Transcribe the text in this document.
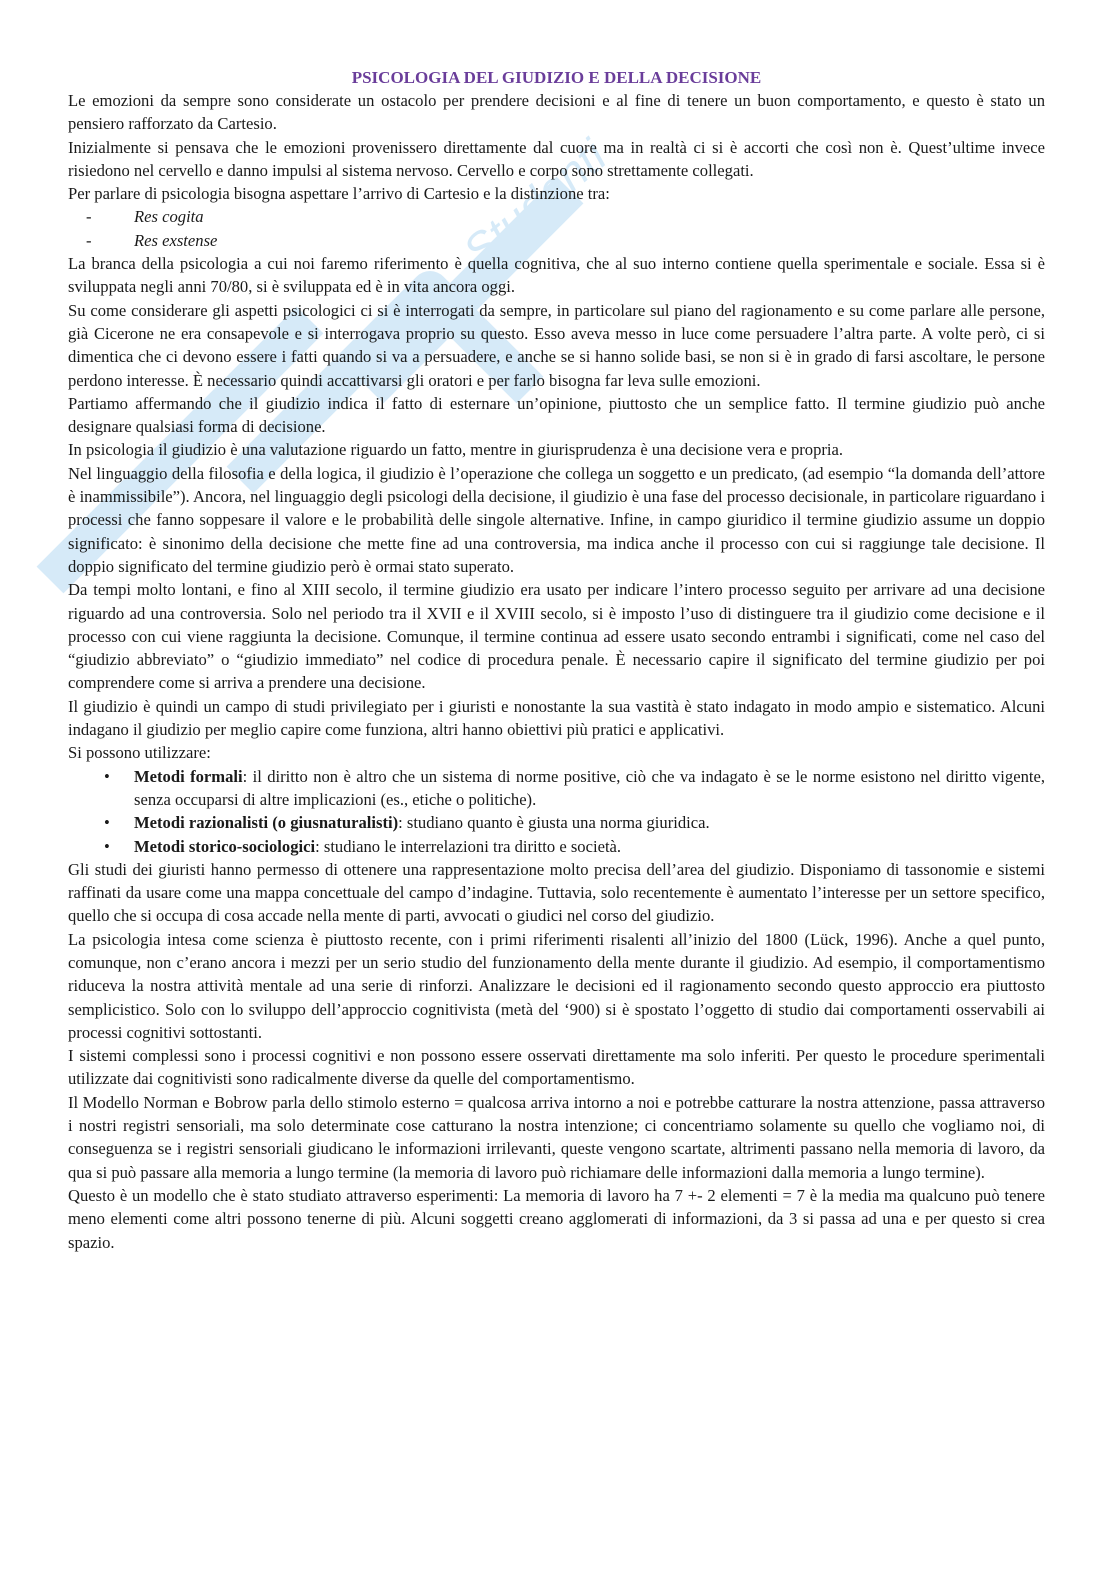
Studenti
PSICOLOGIA DEL GIUDIZIO E DELLA DECISIONE

Le emozioni da sempre sono considerate un ostacolo per prendere decisioni e al fine di tenere un buon comportamento, e questo è stato un pensiero rafforzato da Cartesio.

Inizialmente si pensava che le emozioni provenissero direttamente dal cuore ma in realtà ci si è accorti che così non è. Quest’ultime invece risiedono nel cervello e danno impulsi al sistema nervoso. Cervello e corpo sono strettamente collegati.

Per parlare di psicologia bisogna aspettare l’arrivo di Cartesio e la distinzione tra:

-	Res cogita
-	Res exstense

La branca della psicologia a cui noi faremo riferimento è quella cognitiva, che al suo interno contiene quella sperimentale e sociale. Essa si è sviluppata negli anni 70/80, si è sviluppata ed è in vita ancora oggi.

Su come considerare gli aspetti psicologici ci si è interrogati da sempre, in particolare sul piano del ragionamento e su come parlare alle persone, già Cicerone ne era consapevole e si interrogava proprio su questo. Esso aveva messo in luce come persuadere l’altra parte. A volte però, ci si dimentica che ci devono essere i fatti quando si va a persuadere, e anche se si hanno solide basi, se non si è in grado di farsi ascoltare, le persone perdono interesse. È necessario quindi accattivarsi gli oratori e per farlo bisogna far leva sulle emozioni.

Partiamo affermando che il giudizio indica il fatto di esternare un’opinione, piuttosto che un semplice fatto. Il termine giudizio può anche designare qualsiasi forma di decisione.

In psicologia il giudizio è una valutazione riguardo un fatto, mentre in giurisprudenza è una decisione vera e propria.

Nel linguaggio della filosofia e della logica, il giudizio è l’operazione che collega un soggetto e un predicato, (ad esempio “la domanda dell’attore è inammissibile”). Ancora, nel linguaggio degli psicologi della decisione, il giudizio è una fase del processo decisionale, in particolare riguardano i processi che fanno soppesare il valore e le probabilità delle singole alternative. Infine, in campo giuridico il termine giudizio assume un doppio significato: è sinonimo della decisione che mette fine ad una controversia, ma indica anche il processo con cui si raggiunge tale decisione. Il doppio significato del termine giudizio però è ormai stato superato.

Da tempi molto lontani, e fino al XIII secolo, il termine giudizio era usato per indicare l’intero processo seguito per arrivare ad una decisione riguardo ad una controversia. Solo nel periodo tra il XVII e il XVIII secolo, si è imposto l’uso di distinguere tra il giudizio come decisione e il processo con cui viene raggiunta la decisione. Comunque, il termine continua ad essere usato secondo entrambi i significati, come nel caso del “giudizio abbreviato” o “giudizio immediato” nel codice di procedura penale. È necessario capire il significato del termine giudizio per poi comprendere come si arriva a prendere una decisione.

Il giudizio è quindi un campo di studi privilegiato per i giuristi e nonostante la sua vastità è stato indagato in modo ampio e sistematico. Alcuni indagano il giudizio per meglio capire come funziona, altri hanno obiettivi più pratici e applicativi.

Si possono utilizzare:

•	Metodi formali: il diritto non è altro che un sistema di norme positive, ciò che va indagato è se le norme esistono nel diritto vigente, senza occuparsi di altre implicazioni (es., etiche o politiche).
•	Metodi razionalisti (o giusnaturalisti): studiano quanto è giusta una norma giuridica.
•	Metodi storico-sociologici: studiano le interrelazioni tra diritto e società.

Gli studi dei giuristi hanno permesso di ottenere una rappresentazione molto precisa dell’area del giudizio. Disponiamo di tassonomie e sistemi raffinati da usare come una mappa concettuale del campo d’indagine. Tuttavia, solo recentemente è aumentato l’interesse per un settore specifico, quello che si occupa di cosa accade nella mente di parti, avvocati o giudici nel corso del giudizio.

La psicologia intesa come scienza è piuttosto recente, con i primi riferimenti risalenti all’inizio del 1800 (Lück, 1996). Anche a quel punto, comunque, non c’erano ancora i mezzi per un serio studio del funzionamento della mente durante il giudizio. Ad esempio, il comportamentismo riduceva la nostra attività mentale ad una serie di rinforzi. Analizzare le decisioni ed il ragionamento secondo questo approccio era piuttosto semplicistico. Solo con lo sviluppo dell’approccio cognitivista (metà del ‘900) si è spostato l’oggetto di studio dai comportamenti osservabili ai processi cognitivi sottostanti.

I sistemi complessi sono i processi cognitivi e non possono essere osservati direttamente ma solo inferiti. Per questo le procedure sperimentali utilizzate dai cognitivisti sono radicalmente diverse da quelle del comportamentismo.

Il Modello Norman e Bobrow parla dello stimolo esterno = qualcosa arriva intorno a noi e potrebbe catturare la nostra attenzione, passa attraverso i nostri registri sensoriali, ma solo determinate cose catturano la nostra intenzione; ci concentriamo solamente su quello che vogliamo noi, di conseguenza se i registri sensoriali giudicano le informazioni irrilevanti, queste vengono scartate, altrimenti passano nella memoria di lavoro, da qua si può passare alla memoria a lungo termine (la memoria di lavoro può richiamare delle informazioni dalla memoria a lungo termine).

Questo è un modello che è stato studiato attraverso esperimenti: La memoria di lavoro ha 7 +- 2 elementi = 7 è la media ma qualcuno può tenere meno elementi come altri possono tenerne di più. Alcuni soggetti creano agglomerati di informazioni, da 3 si passa ad una e per questo si crea spazio.
